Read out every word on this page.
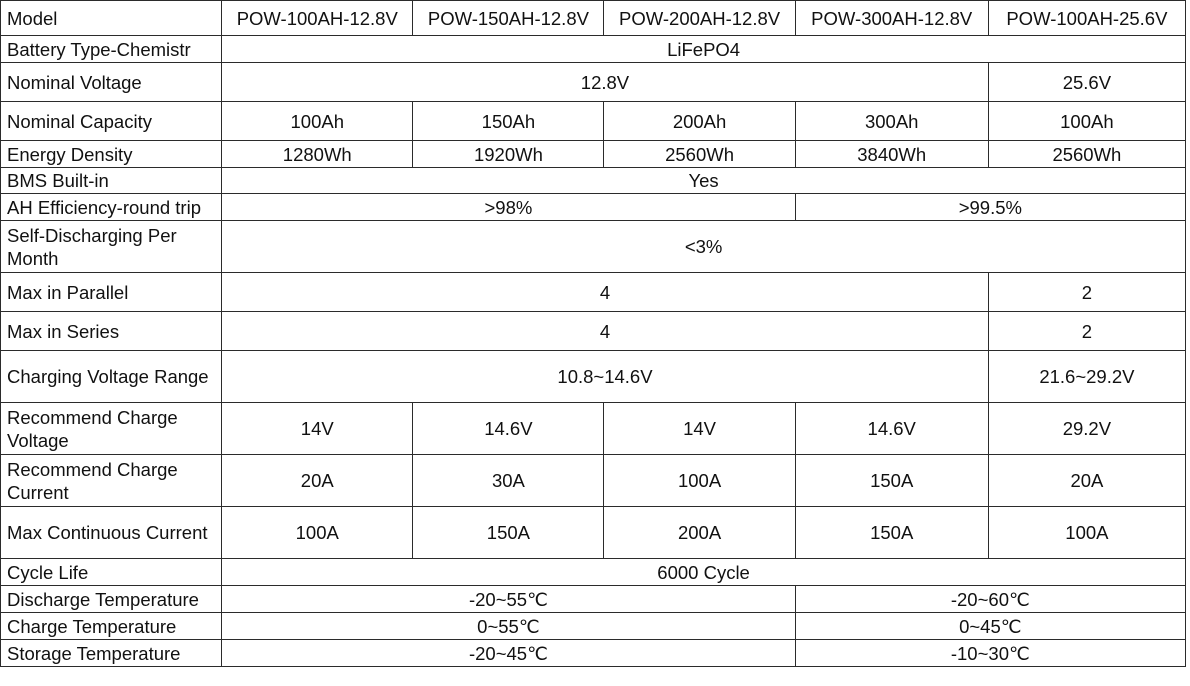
Model	POW-100AH-12.8V	POW-150AH-12.8V	POW-200AH-12.8V	POW-300AH-12.8V	POW-100AH-25.6V
Battery Type-Chemistr	LiFePO4				
Nominal Voltage	12.8V				25.6V
Nominal Capacity	100Ah	150Ah	200Ah	300Ah	100Ah
Energy Density	1280Wh	1920Wh	2560Wh	3840Wh	2560Wh
BMS Built-in	Yes				
AH Efficiency-round trip	>98%			>99.5%	
Self-Discharging Per Month	<3%				
Max in Parallel	4				2
Max in Series	4				2
Charging Voltage Range	10.8~14.6V				21.6~29.2V
Recommend Charge Voltage	14V	14.6V	14V	14.6V	29.2V
Recommend Charge Current	20A	30A	100A	150A	20A
Max Continuous Current	100A	150A	200A	150A	100A
Cycle Life	6000 Cycle				
Discharge Temperature	-20~55℃			-20~60℃	
Charge Temperature	0~55℃			0~45℃	
Storage Temperature	-20~45℃			-10~30℃	
